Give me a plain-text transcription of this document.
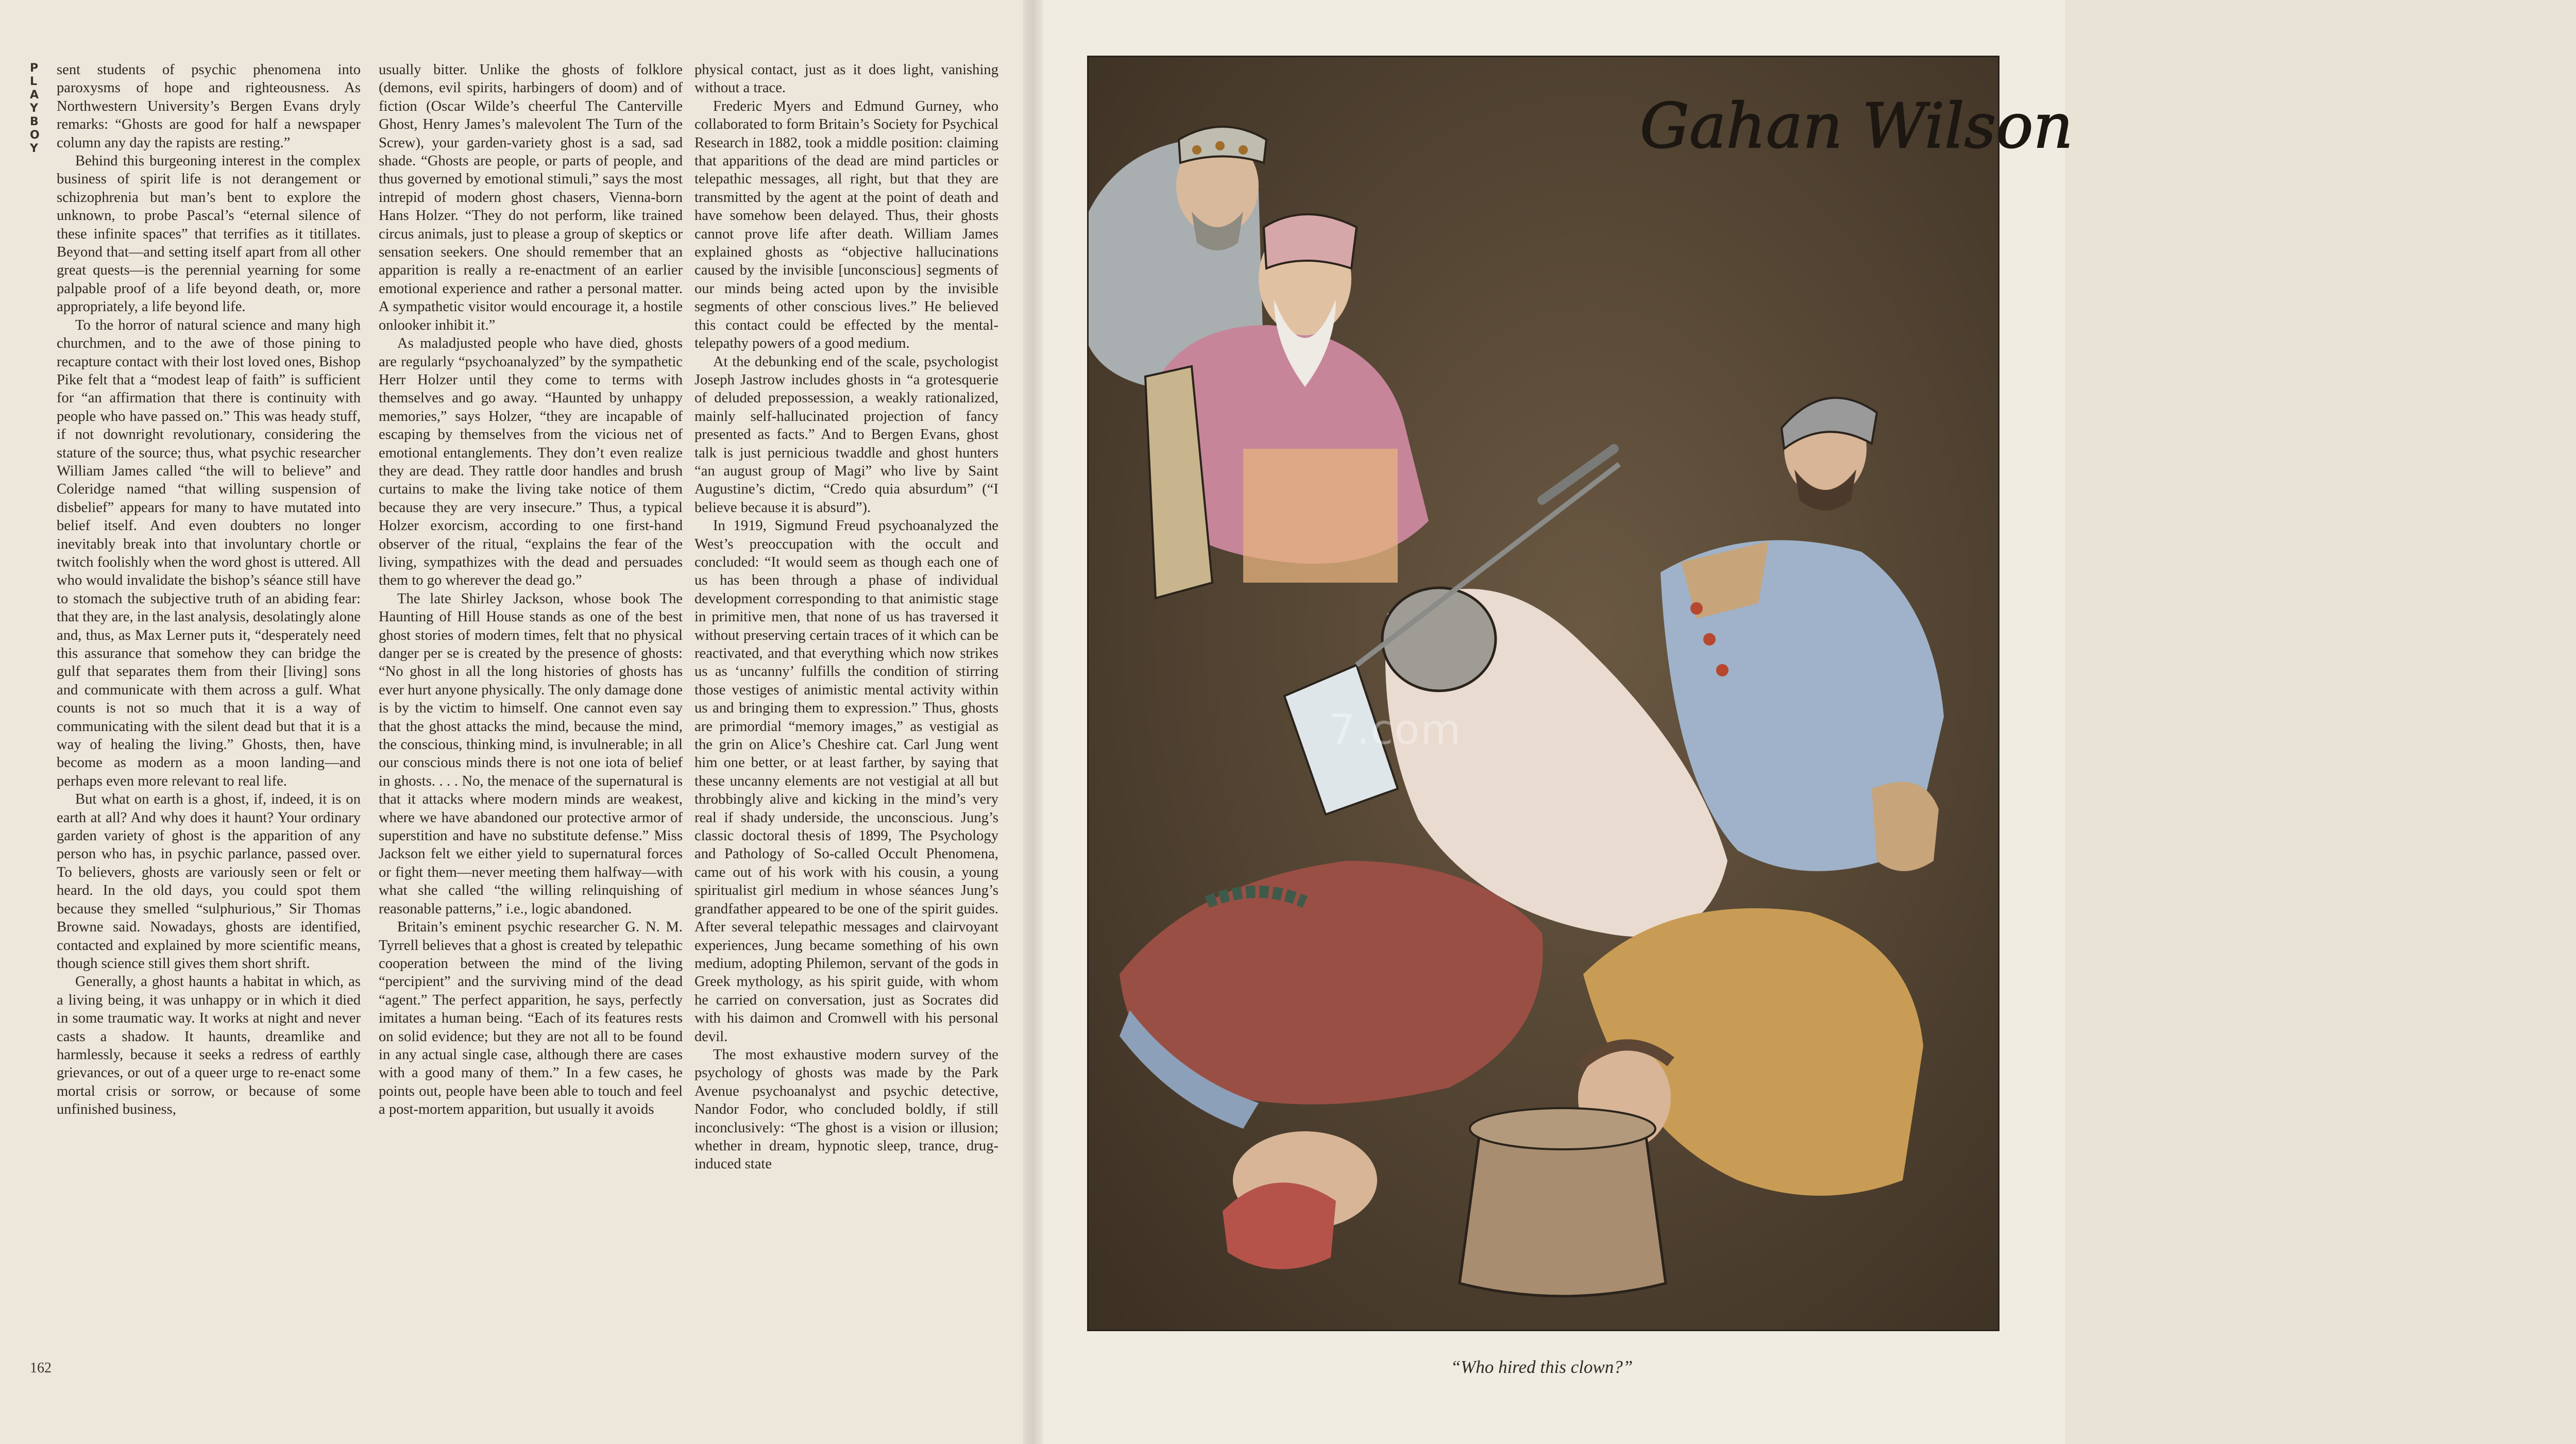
PLAYBOY

sent students of psychic phenomena into paroxysms of hope and righteousness. As Northwestern University’s Bergen Evans dryly remarks: “Ghosts are good for half a newspaper column any day the rapists are resting.”

Behind this burgeoning interest in the complex business of spirit life is not derangement or schizophrenia but man’s bent to explore the unknown, to probe Pascal’s “eternal silence of these infinite spaces” that terrifies as it titillates. Beyond that—and setting itself apart from all other great quests—is the perennial yearning for some palpable proof of a life beyond death, or, more appropriately, a life beyond life.

To the horror of natural science and many high churchmen, and to the awe of those pining to recapture contact with their lost loved ones, Bishop Pike felt that a “modest leap of faith” is sufficient for “an affirmation that there is continuity with people who have passed on.” This was heady stuff, if not downright revolutionary, considering the stature of the source; thus, what psychic researcher William James called “the will to believe” and Coleridge named “that willing suspension of disbelief” appears for many to have mutated into belief itself. And even doubters no longer inevitably break into that involuntary chortle or twitch foolishly when the word ghost is uttered. All who would invalidate the bishop’s séance still have to stomach the subjective truth of an abiding fear: that they are, in the last analysis, desolatingly alone and, thus, as Max Lerner puts it, “desperately need this assurance that somehow they can bridge the gulf that separates them from their [living] sons and communicate with them across a gulf. What counts is not so much that it is a way of communicating with the silent dead but that it is a way of healing the living.” Ghosts, then, have become as modern as a moon landing—and perhaps even more relevant to real life.

But what on earth is a ghost, if, indeed, it is on earth at all? And why does it haunt? Your ordinary garden variety of ghost is the apparition of any person who has, in psychic parlance, passed over. To believers, ghosts are variously seen or felt or heard. In the old days, you could spot them because they smelled “sulphurious,” Sir Thomas Browne said. Nowadays, ghosts are identified, contacted and explained by more scientific means, though science still gives them short shrift.

Generally, a ghost haunts a habitat in which, as a living being, it was unhappy or in which it died in some traumatic way. It works at night and never casts a shadow. It haunts, dreamlike and harmlessly, because it seeks a redress of earthly grievances, or out of a queer urge to re-enact some mortal crisis or sorrow, or because of some unfinished business,

usually bitter. Unlike the ghosts of folklore (demons, evil spirits, harbingers of doom) and of fiction (Oscar Wilde’s cheerful The Canterville Ghost, Henry James’s malevolent The Turn of the Screw), your garden-variety ghost is a sad, sad shade. “Ghosts are people, or parts of people, and thus governed by emotional stimuli,” says the most intrepid of modern ghost chasers, Vienna-born Hans Holzer. “They do not perform, like trained circus animals, just to please a group of skeptics or sensation seekers. One should remember that an apparition is really a re-enactment of an earlier emotional experience and rather a personal matter. A sympathetic visitor would encourage it, a hostile onlooker inhibit it.”

As maladjusted people who have died, ghosts are regularly “psychoanalyzed” by the sympathetic Herr Holzer until they come to terms with themselves and go away. “Haunted by unhappy memories,” says Holzer, “they are incapable of escaping by themselves from the vicious net of emotional entanglements. They don’t even realize they are dead. They rattle door handles and brush curtains to make the living take notice of them because they are very insecure.” Thus, a typical Holzer exorcism, according to one first-hand observer of the ritual, “explains the fear of the living, sympathizes with the dead and persuades them to go wherever the dead go.”

The late Shirley Jackson, whose book The Haunting of Hill House stands as one of the best ghost stories of modern times, felt that no physical danger per se is created by the presence of ghosts: “No ghost in all the long histories of ghosts has ever hurt anyone physically. The only damage done is by the victim to himself. One cannot even say that the ghost attacks the mind, because the mind, the conscious, thinking mind, is invulnerable; in all our conscious minds there is not one iota of belief in ghosts. . . . No, the menace of the supernatural is that it attacks where modern minds are weakest, where we have abandoned our protective armor of superstition and have no substitute defense.” Miss Jackson felt we either yield to supernatural forces or fight them—never meeting them halfway—with what she called “the willing relinquishing of reasonable patterns,” i.e., logic abandoned.

Britain’s eminent psychic researcher G. N. M. Tyrrell believes that a ghost is created by telepathic cooperation between the mind of the living “percipient” and the surviving mind of the dead “agent.” The perfect apparition, he says, perfectly imitates a human being. “Each of its features rests on solid evidence; but they are not all to be found in any actual single case, although there are cases with a good many of them.” In a few cases, he points out, people have been able to touch and feel a post-mortem apparition, but usually it avoids

physical contact, just as it does light, vanishing without a trace.

Frederic Myers and Edmund Gurney, who collaborated to form Britain’s Society for Psychical Research in 1882, took a middle position: claiming that apparitions of the dead are mind particles or telepathic messages, all right, but that they are transmitted by the agent at the point of death and have somehow been delayed. Thus, their ghosts cannot prove life after death. William James explained ghosts as “objective hallucinations caused by the invisible [unconscious] segments of our minds being acted upon by the invisible segments of other conscious lives.” He believed this contact could be effected by the mental-telepathy powers of a good medium.

At the debunking end of the scale, psychologist Joseph Jastrow includes ghosts in “a grotesquerie of deluded prepossession, a weakly rationalized, mainly self-hallucinated projection of fancy presented as facts.” And to Bergen Evans, ghost talk is just pernicious twaddle and ghost hunters “an august group of Magi” who live by Saint Augustine’s dictim, “Credo quia absurdum” (“I believe because it is absurd”).

In 1919, Sigmund Freud psychoanalyzed the West’s preoccupation with the occult and concluded: “It would seem as though each one of us has been through a phase of individual development corresponding to that animistic stage in primitive men, that none of us has traversed it without preserving certain traces of it which can be reactivated, and that everything which now strikes us as ‘uncanny’ fulfills the condition of stirring those vestiges of animistic mental activity within us and bringing them to expression.” Thus, ghosts are primordial “memory images,” as vestigial as the grin on Alice’s Cheshire cat. Carl Jung went him one better, or at least farther, by saying that these uncanny elements are not vestigial at all but throbbingly alive and kicking in the mind’s very real if shady underside, the unconscious. Jung’s classic doctoral thesis of 1899, The Psychology and Pathology of So-called Occult Phenomena, came out of his work with his cousin, a young spiritualist girl medium in whose séances Jung’s grandfather appeared to be one of the spirit guides. After several telepathic messages and clairvoyant experiences, Jung became something of his own medium, adopting Philemon, servant of the gods in Greek mythology, as his spirit guide, with whom he carried on conversation, just as Socrates did with his daimon and Cromwell with his personal devil.

The most exhaustive modern survey of the psychology of ghosts was made by the Park Avenue psychoanalyst and psychic detective, Nandor Fodor, who concluded boldly, if still inconclusively: “The ghost is a vision or illusion; whether in dream, hypnotic sleep, trance, drug-induced state

162
Gahan Wilson
7.com
“Who hired this clown?”
